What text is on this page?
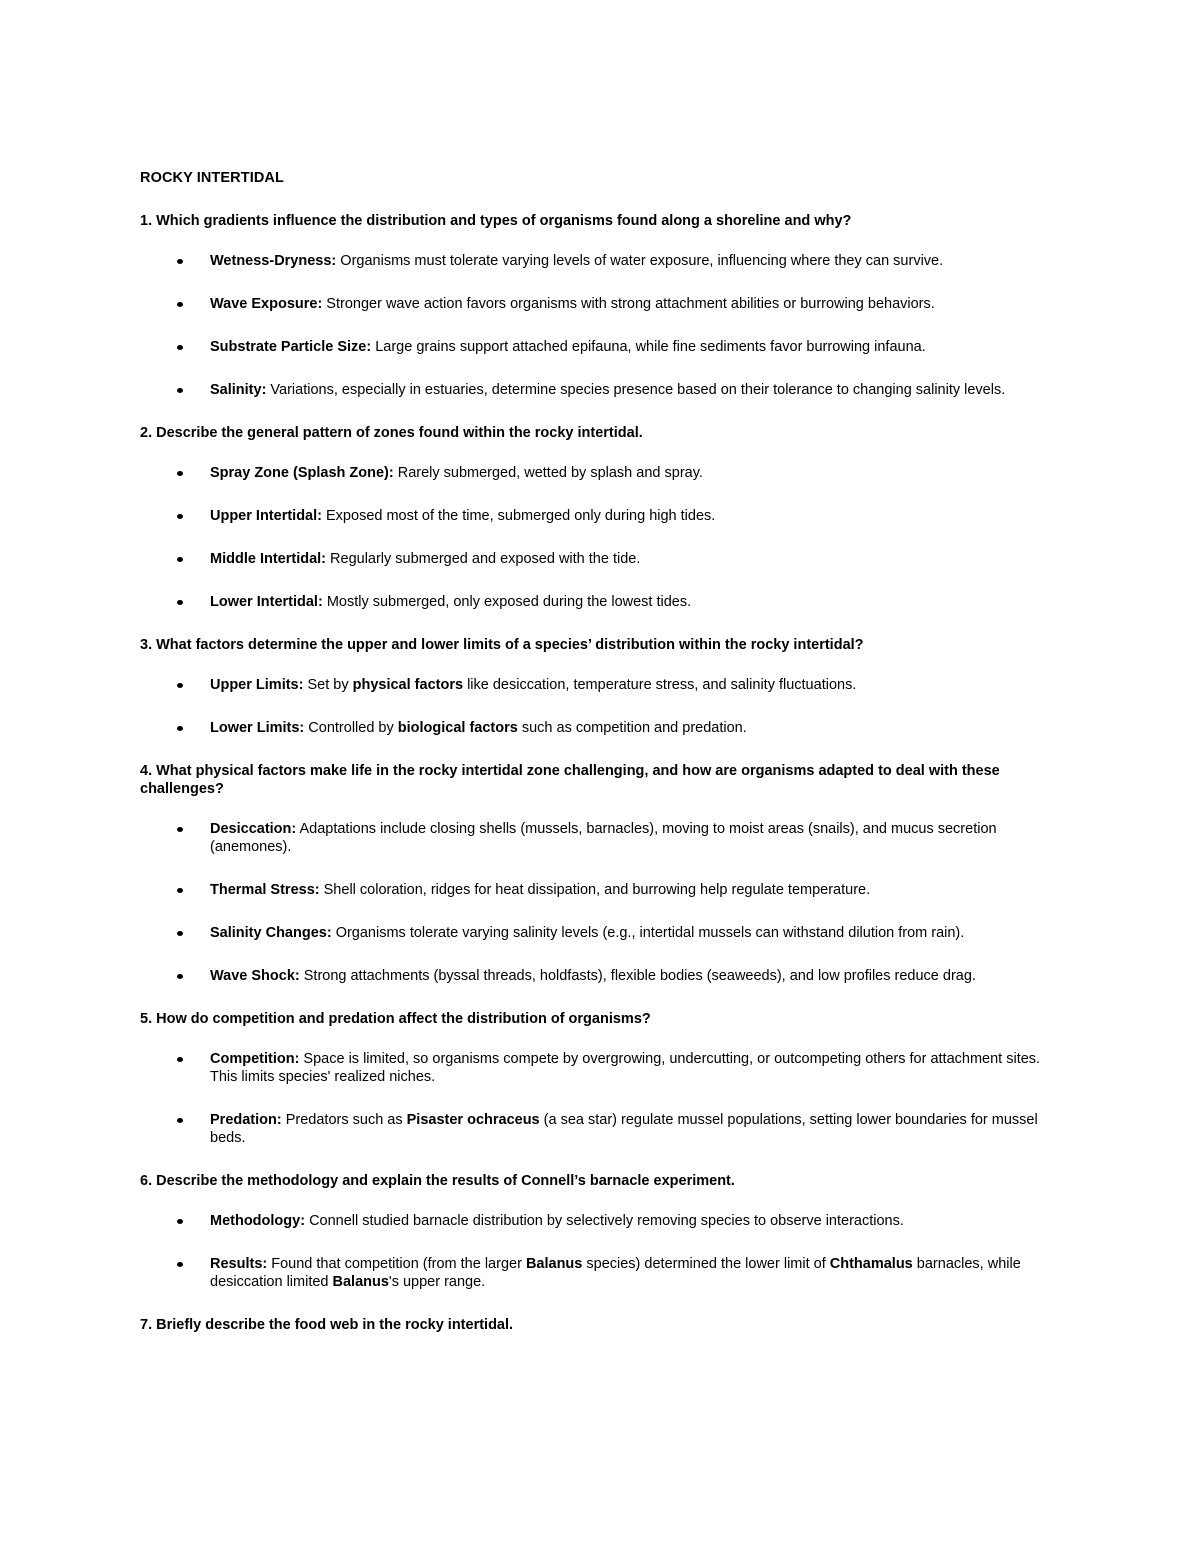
ROCKY INTERTIDAL
1. Which gradients influence the distribution and types of organisms found along a shoreline and why?
Wetness-Dryness: Organisms must tolerate varying levels of water exposure, influencing where they can survive.
Wave Exposure: Stronger wave action favors organisms with strong attachment abilities or burrowing behaviors.
Substrate Particle Size: Large grains support attached epifauna, while fine sediments favor burrowing infauna.
Salinity: Variations, especially in estuaries, determine species presence based on their tolerance to changing salinity levels.
2. Describe the general pattern of zones found within the rocky intertidal.
Spray Zone (Splash Zone): Rarely submerged, wetted by splash and spray.
Upper Intertidal: Exposed most of the time, submerged only during high tides.
Middle Intertidal: Regularly submerged and exposed with the tide.
Lower Intertidal: Mostly submerged, only exposed during the lowest tides.
3. What factors determine the upper and lower limits of a species’ distribution within the rocky intertidal?
Upper Limits: Set by physical factors like desiccation, temperature stress, and salinity fluctuations.
Lower Limits: Controlled by biological factors such as competition and predation.
4. What physical factors make life in the rocky intertidal zone challenging, and how are organisms adapted to deal with these challenges?
Desiccation: Adaptations include closing shells (mussels, barnacles), moving to moist areas (snails), and mucus secretion (anemones).
Thermal Stress: Shell coloration, ridges for heat dissipation, and burrowing help regulate temperature.
Salinity Changes: Organisms tolerate varying salinity levels (e.g., intertidal mussels can withstand dilution from rain).
Wave Shock: Strong attachments (byssal threads, holdfasts), flexible bodies (seaweeds), and low profiles reduce drag.
5. How do competition and predation affect the distribution of organisms?
Competition: Space is limited, so organisms compete by overgrowing, undercutting, or outcompeting others for attachment sites. This limits species' realized niches.
Predation: Predators such as Pisaster ochraceus (a sea star) regulate mussel populations, setting lower boundaries for mussel beds.
6. Describe the methodology and explain the results of Connell’s barnacle experiment.
Methodology: Connell studied barnacle distribution by selectively removing species to observe interactions.
Results: Found that competition (from the larger Balanus species) determined the lower limit of Chthamalus barnacles, while desiccation limited Balanus's upper range.
7. Briefly describe the food web in the rocky intertidal.
